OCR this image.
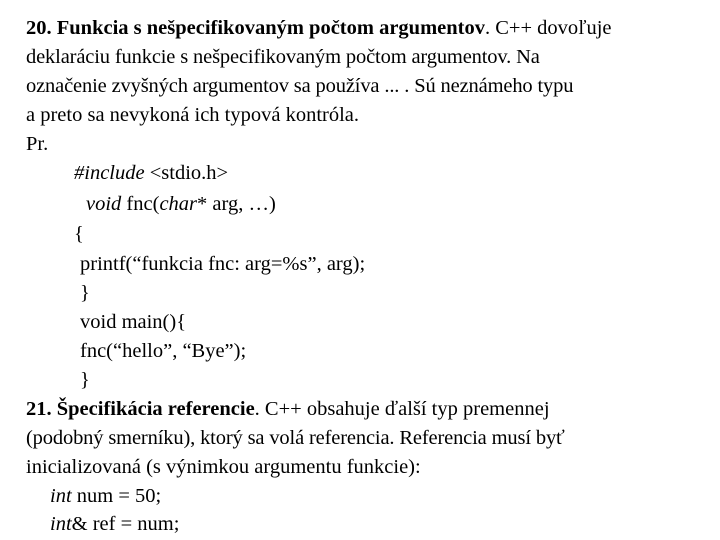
20. Funkcia s nešpecifikovaným počtom argumentov. C++ dovoľuje
deklaráciu funkcie s nešpecifikovaným počtom argumentov. Na
označenie zvyšných argumentov sa používa ... . Sú neznámeho typu
a preto sa nevykoná ich typová kontróla.
Pr.
#include <stdio.h>
void fnc(char* arg, …)
{
printf(“funkcia fnc: arg=%s”, arg);
}
void main(){
fnc(“hello”, “Bye”);
}
21. Špecifikácia referencie. C++ obsahuje ďalší typ premennej
(podobný smerníku), ktorý sa volá referencia. Referencia musí byť
inicializovaná (s výnimkou argumentu funkcie):
int num = 50;
int& ref = num;
